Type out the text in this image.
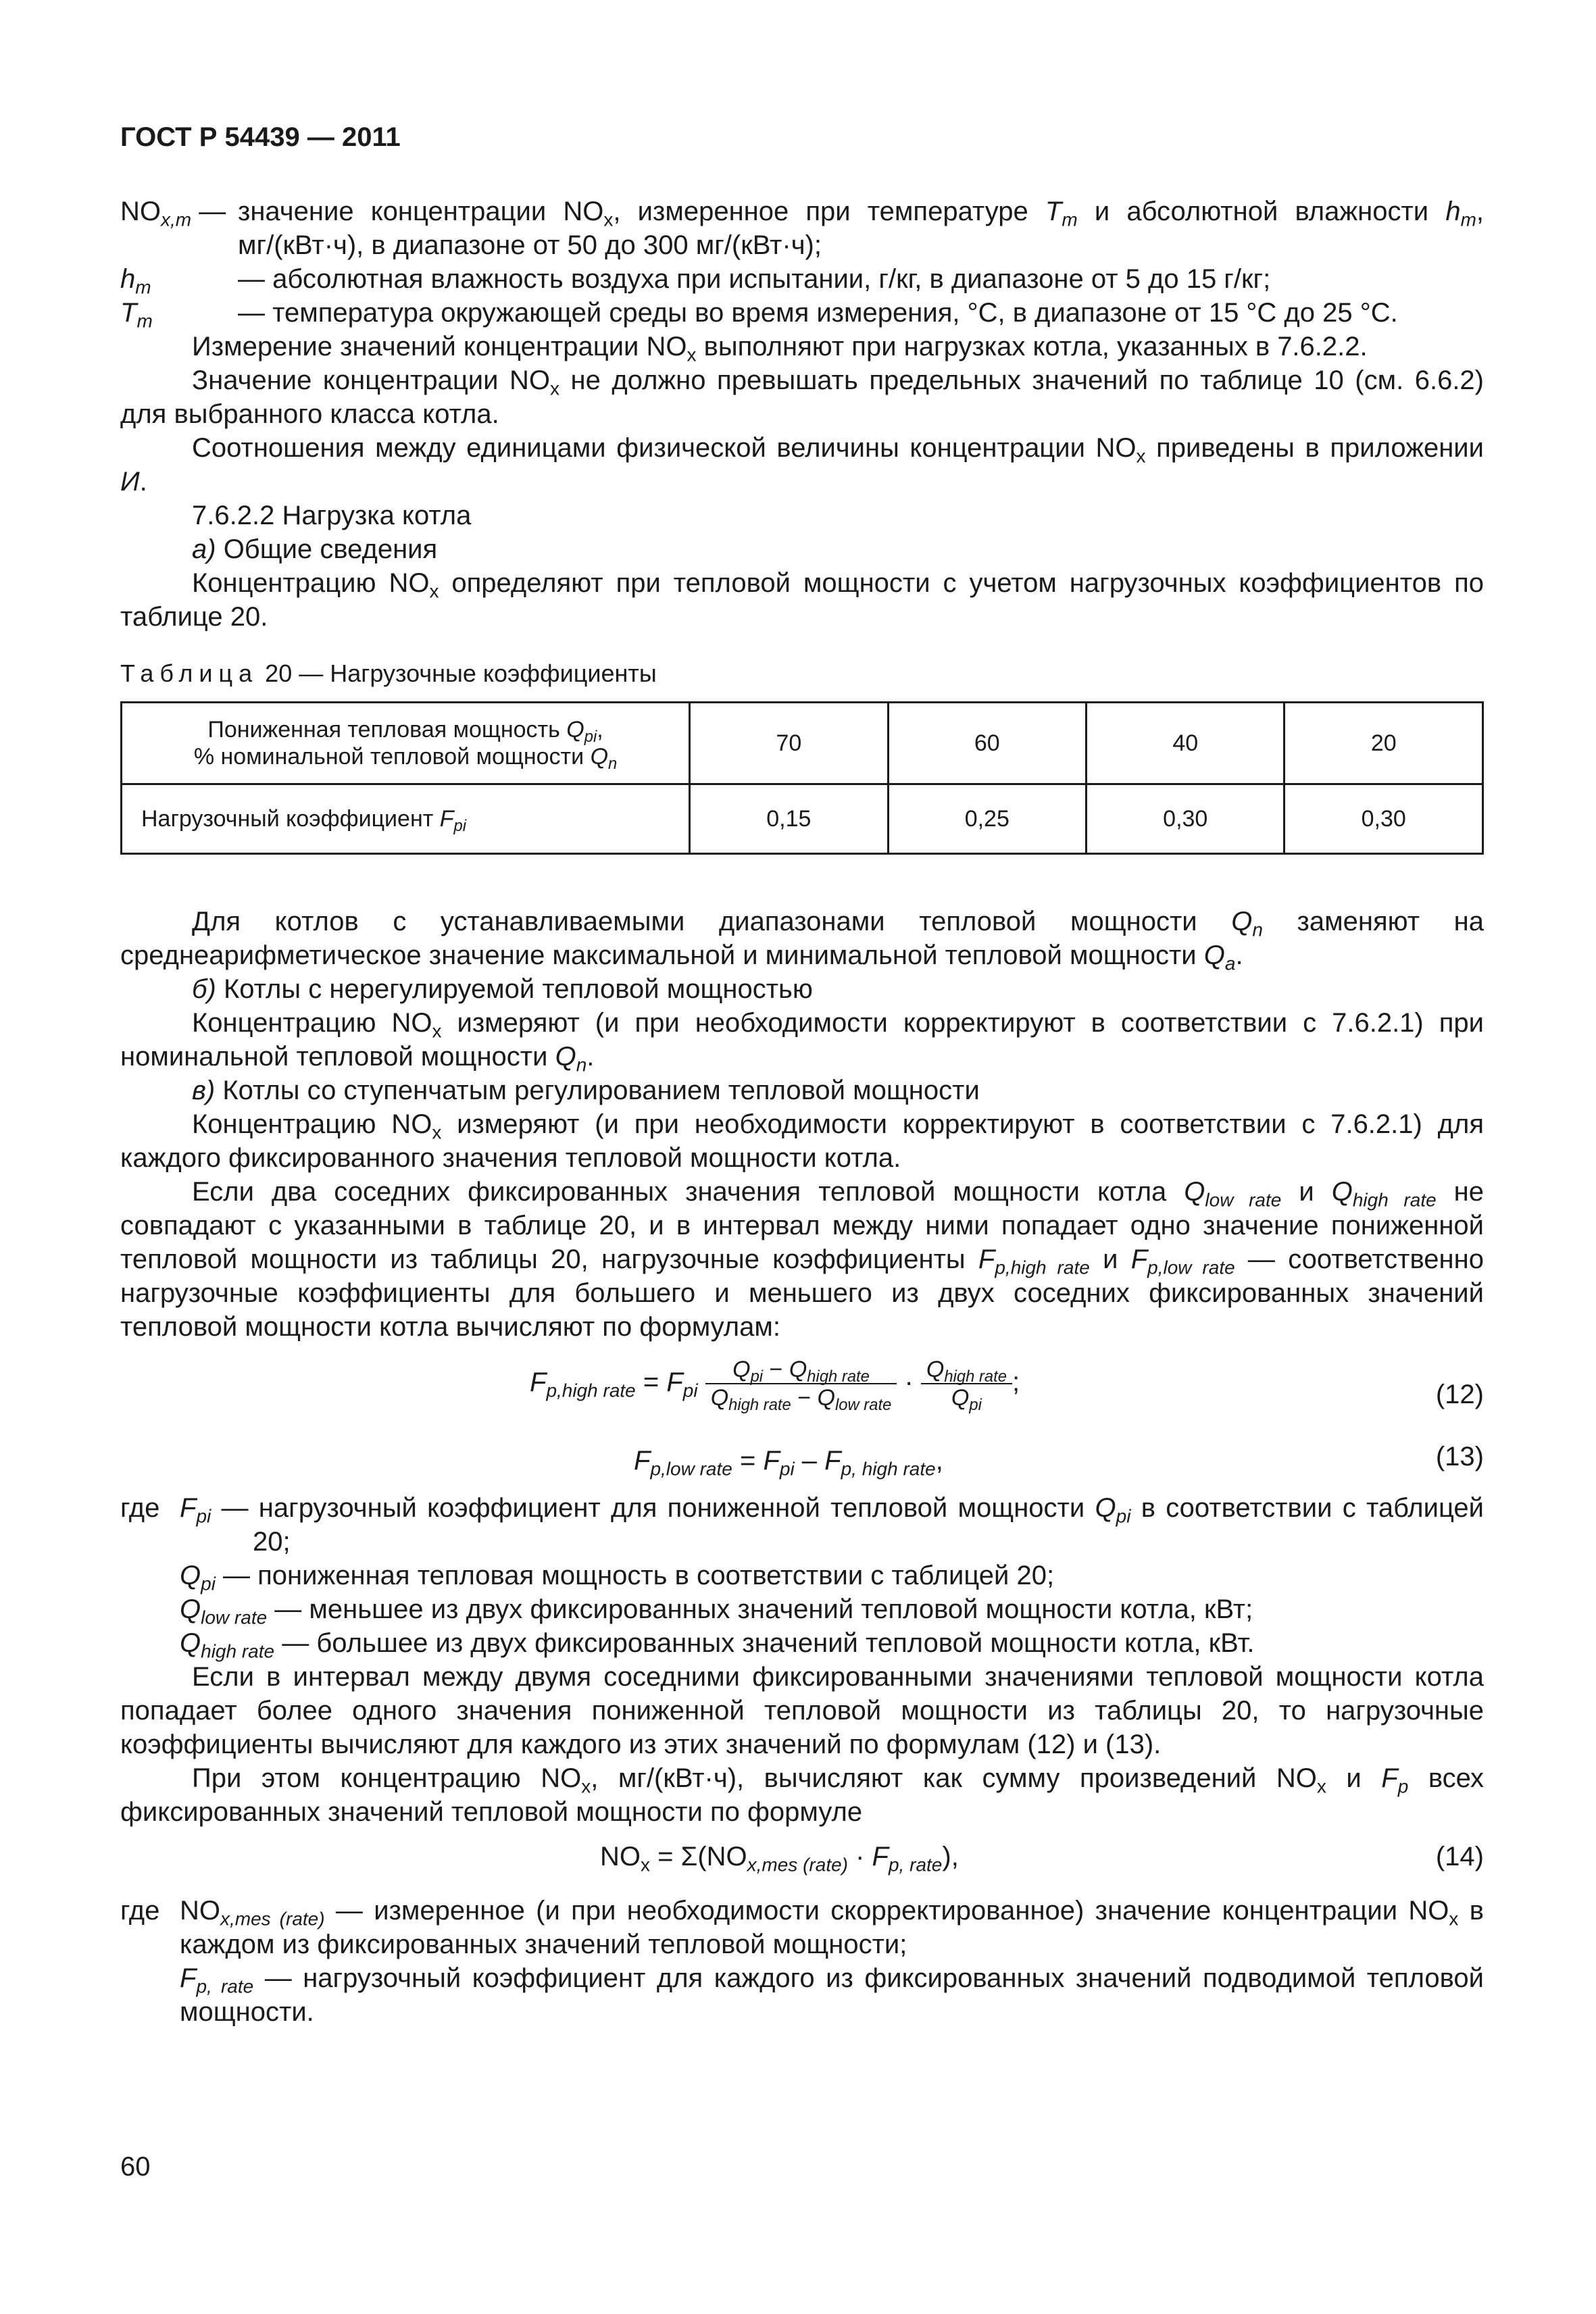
ГОСТ Р 54439 — 2011
$NO_{x,m}$ — значение концентрации $NO_x$, измеренное при температуре $T_m$ и абсолютной влажности $h_m$, мг/(кВт·ч), в диапазоне от 50 до 300 мг/(кВт·ч);
$h_m$	— абсолютная влажность воздуха при испытании, г/кг, в диапазоне от 5 до 15 г/кг;
$T_m$	— температура окружающей среды во время измерения, °C, в диапазоне от 15 °C до 25 °C.

Измерение значений концентрации $NO_x$ выполняют при нагрузках котла, указанных в 7.6.2.2.

Значение концентрации $NO_x$ не должно превышать предельных значений по таблице 10 (см. 6.6.2) для выбранного класса котла.

Соотношения между единицами физической величины концентрации $NO_x$ приведены в приложении И.

7.6.2.2 Нагрузка котла

а) Общие сведения

Концентрацию $NO_x$ определяют при тепловой мощности с учетом нагрузочных коэффициентов по таблице 20.

Таблица 20 — Нагрузочные коэффициенты
Пониженная тепловая мощность $Q_{pi}$,
% номинальной тепловой мощности $Q_n$	70	60	40	20
Нагрузочный коэффициент $F_{pi}$	0,15	0,25	0,30	0,30

Для котлов с устанавливаемыми диапазонами тепловой мощности $Q_n$ заменяют на среднеарифметическое значение максимальной и минимальной тепловой мощности $Q_a$.

б) Котлы с нерегулируемой тепловой мощностью

Концентрацию $NO_x$ измеряют (и при необходимости корректируют в соответствии с 7.6.2.1) при номинальной тепловой мощности $Q_n$.

в) Котлы со ступенчатым регулированием тепловой мощности

Концентрацию $NO_x$ измеряют (и при необходимости корректируют в соответствии с 7.6.2.1) для каждого фиксированного значения тепловой мощности котла.

Если два соседних фиксированных значения тепловой мощности котла $Q_{low rate}$ и $Q_{high rate}$ не совпадают с указанными в таблице 20, и в интервал между ними попадает одно значение пониженной тепловой мощности из таблицы 20, нагрузочные коэффициенты $F_{p,high rate}$ и $F_{p,low rate}$ — соответственно нагрузочные коэффициенты для большего и меньшего из двух соседних фиксированных значений тепловой мощности котла вычисляют по формулам:

$F_{p,high rate} = F_{pi} \frac{Q_{pi} - Q_{high rate}}{Q_{high rate} - Q_{low rate}} \cdot \frac{Q_{high rate}}{Q_{pi}}$ ;	(12)
$F_{p,low rate} = F_{pi} - F_{p, high rate}$,	(13)
где $F_{pi}$ — нагрузочный коэффициент для пониженной тепловой мощности $Q_{pi}$ в соответствии с таблицей 20;

$Q_{pi}$ — пониженная тепловая мощность в соответствии с таблицей 20;

$Q_{low rate}$ — меньшее из двух фиксированных значений тепловой мощности котла, кВт;

$Q_{high rate}$ — большее из двух фиксированных значений тепловой мощности котла, кВт.

Если в интервал между двумя соседними фиксированными значениями тепловой мощности котла попадает более одного значения пониженной тепловой мощности из таблицы 20, то нагрузочные коэффициенты вычисляют для каждого из этих значений по формулам (12) и (13).

При этом концентрацию $NO_x$, мг/(кВт·ч), вычисляют как сумму произведений $NO_x$ и $F_p$ всех фиксированных значений тепловой мощности по формуле

$NO_x = \Sigma(NO_{x,mes (rate)} \cdot F_{p, rate})$,	(14)
где $NO_{x,mes (rate)}$ — измеренное (и при необходимости скорректированное) значение концентрации $NO_x$ в каждом из фиксированных значений тепловой мощности;

$F_{p, rate}$ — нагрузочный коэффициент для каждого из фиксированных значений подводимой тепловой мощности.

60
